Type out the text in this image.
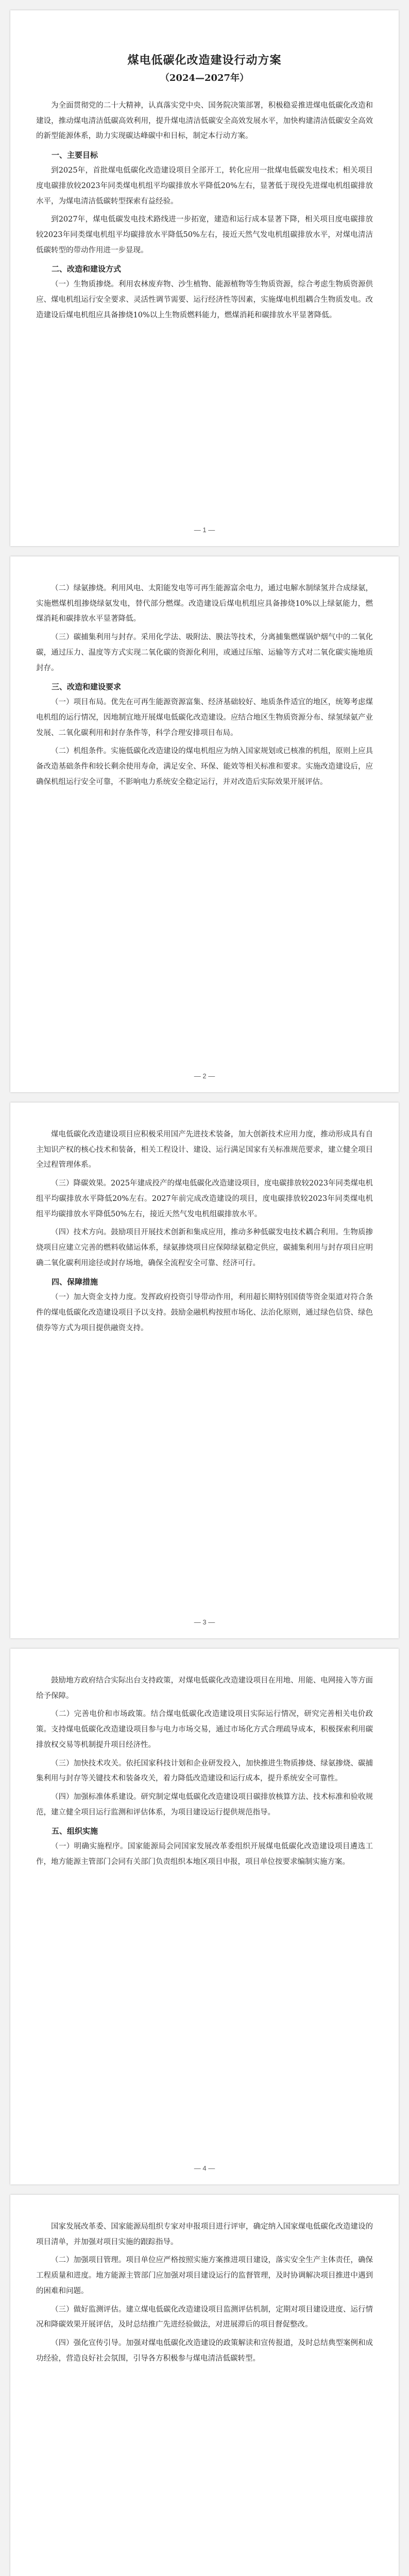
煤电低碳化改造建设行动方案
（2024—2027年）

为全面贯彻党的二十大精神，认真落实党中央、国务院决策部署，积极稳妥推进煤电低碳化改造和建设，推动煤电清洁低碳高效利用，提升煤电清洁低碳安全高效发展水平，加快构建清洁低碳安全高效的新型能源体系，助力实现碳达峰碳中和目标，制定本行动方案。

一、主要目标

到2025年，首批煤电低碳化改造建设项目全部开工，转化应用一批煤电低碳发电技术；相关项目度电碳排放较2023年同类煤电机组平均碳排放水平降低20%左右，显著低于现役先进煤电机组碳排放水平，为煤电清洁低碳转型探索有益经验。

到2027年，煤电低碳发电技术路线进一步拓宽，建造和运行成本显著下降，相关项目度电碳排放较2023年同类煤电机组平均碳排放水平降低50%左右，接近天然气发电机组碳排放水平，对煤电清洁低碳转型的带动作用进一步显现。

二、改造和建设方式

（一）生物质掺烧。利用农林废弃物、沙生植物、能源植物等生物质资源，综合考虑生物质资源供应、煤电机组运行安全要求、灵活性调节需要、运行经济性等因素，实施煤电机组耦合生物质发电。改造建设后煤电机组应具备掺烧10%以上生物质燃料能力，燃煤消耗和碳排放水平显著降低。

— 1 —

（二）绿氨掺烧。利用风电、太阳能发电等可再生能源富余电力，通过电解水制绿氢并合成绿氨，实施燃煤机组掺烧绿氨发电，替代部分燃煤。改造建设后煤电机组应具备掺烧10%以上绿氨能力，燃煤消耗和碳排放水平显著降低。

（三）碳捕集利用与封存。采用化学法、吸附法、膜法等技术，分离捕集燃煤锅炉烟气中的二氧化碳，通过压力、温度等方式实现二氧化碳的资源化利用，或通过压缩、运输等方式对二氧化碳实施地质封存。

三、改造和建设要求

（一）项目布局。优先在可再生能源资源富集、经济基础较好、地质条件适宜的地区，统筹考虑煤电机组的运行情况，因地制宜地开展煤电低碳化改造建设。应结合地区生物质资源分布、绿氢绿氨产业发展、二氧化碳利用和封存条件等，科学合理安排项目布局。

（二）机组条件。实施低碳化改造建设的煤电机组应为纳入国家规划或已核准的机组，原则上应具备改造基础条件和较长剩余使用寿命，满足安全、环保、能效等相关标准和要求。实施改造建设后，应确保机组运行安全可靠，不影响电力系统安全稳定运行，并对改造后实际效果开展评估。

— 2 —

煤电低碳化改造建设项目应积极采用国产先进技术装备，加大创新技术应用力度，推动形成具有自主知识产权的核心技术和装备，相关工程设计、建设、运行满足国家有关标准规范要求，建立健全项目全过程管理体系。

（三）降碳效果。2025年建成投产的煤电低碳化改造建设项目，度电碳排放较2023年同类煤电机组平均碳排放水平降低20%左右。2027年前完成改造建设的项目，度电碳排放较2023年同类煤电机组平均碳排放水平降低50%左右，接近天然气发电机组碳排放水平。

（四）技术方向。鼓励项目开展技术创新和集成应用，推动多种低碳发电技术耦合利用。生物质掺烧项目应建立完善的燃料收储运体系，绿氨掺烧项目应保障绿氨稳定供应，碳捕集利用与封存项目应明确二氧化碳利用途径或封存场地，确保全流程安全可靠、经济可行。

四、保障措施

（一）加大资金支持力度。发挥政府投资引导带动作用，利用超长期特别国债等资金渠道对符合条件的煤电低碳化改造建设项目予以支持。鼓励金融机构按照市场化、法治化原则，通过绿色信贷、绿色债券等方式为项目提供融资支持。

— 3 —

鼓励地方政府结合实际出台支持政策，对煤电低碳化改造建设项目在用地、用能、电网接入等方面给予保障。

（二）完善电价和市场政策。结合煤电低碳化改造建设项目实际运行情况，研究完善相关电价政策。支持煤电低碳化改造建设项目参与电力市场交易，通过市场化方式合理疏导成本，积极探索利用碳排放权交易等机制提升项目经济性。

（三）加快技术攻关。依托国家科技计划和企业研发投入，加快推进生物质掺烧、绿氨掺烧、碳捕集利用与封存等关键技术和装备攻关，着力降低改造建设和运行成本，提升系统安全可靠性。

（四）加强标准体系建设。研究制定煤电低碳化改造建设项目碳排放核算方法、技术标准和验收规范，建立健全项目运行监测和评估体系，为项目建设运行提供规范指导。

五、组织实施

（一）明确实施程序。国家能源局会同国家发展改革委组织开展煤电低碳化改造建设项目遴选工作，地方能源主管部门会同有关部门负责组织本地区项目申报，项目单位按要求编制实施方案。

— 4 —

国家发展改革委、国家能源局组织专家对申报项目进行评审，确定纳入国家煤电低碳化改造建设的项目清单，并加强对项目实施的跟踪指导。

（二）加强项目管理。项目单位应严格按照实施方案推进项目建设，落实安全生产主体责任，确保工程质量和进度。地方能源主管部门应加强对项目建设运行的监督管理，及时协调解决项目推进中遇到的困难和问题。

（三）做好监测评估。建立煤电低碳化改造建设项目监测评估机制，定期对项目建设进度、运行情况和降碳效果开展评估，及时总结推广先进经验做法，对进展滞后的项目督促整改。

（四）强化宣传引导。加强对煤电低碳化改造建设的政策解读和宣传报道，及时总结典型案例和成功经验，营造良好社会氛围，引导各方积极参与煤电清洁低碳转型。
